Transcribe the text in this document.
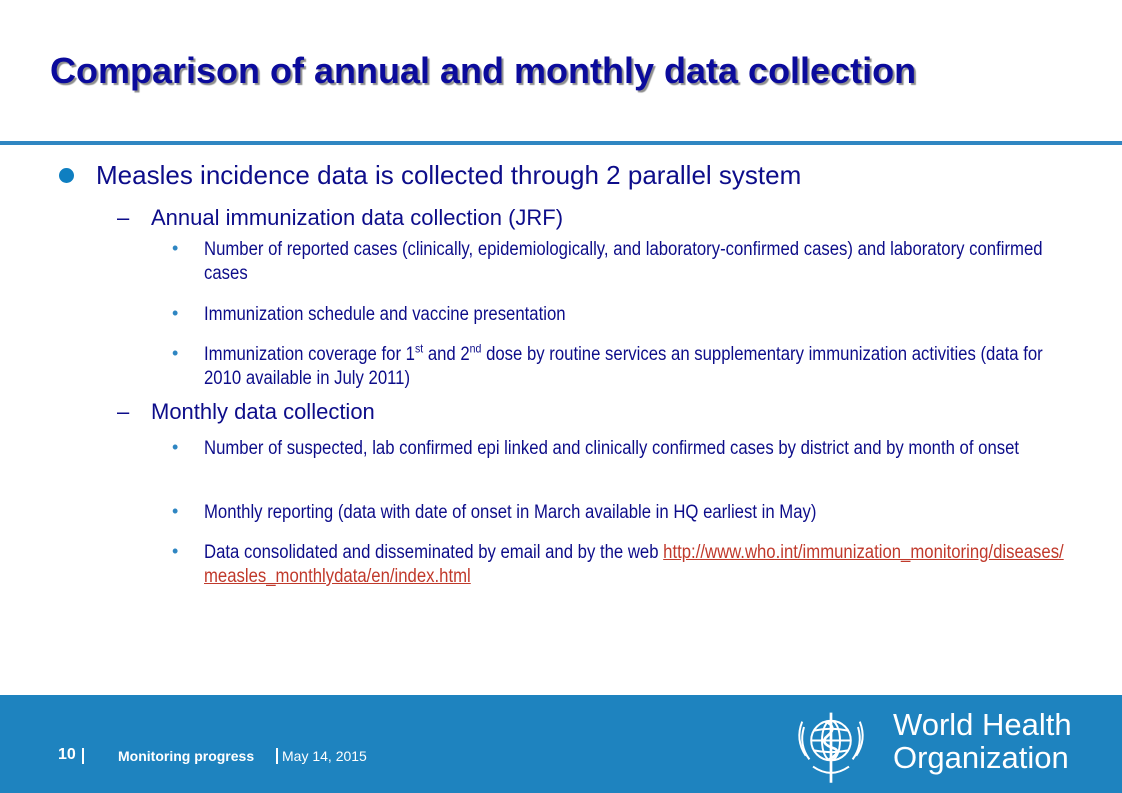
Comparison of annual and monthly data collection
Measles incidence data is collected through 2 parallel system
– Annual immunization data collection (JRF)
• Number of reported cases (clinically, epidemiologically, and laboratory-confirmed cases) and laboratory confirmed cases
• Immunization schedule and vaccine presentation
• Immunization coverage for 1st and 2nd dose by routine services an supplementary immunization activities (data for 2010 available in July 2011)
– Monthly data collection
• Number of suspected, lab confirmed epi linked and clinically confirmed cases by district and by month of onset
• Monthly reporting (data with date of onset in March available in HQ earliest in May)
• Data consolidated and disseminated by email and by the web http://www.who.int/immunization_monitoring/diseases/measles_monthlydata/en/index.html
10	Monitoring progress May 14, 2015
World Health
Organization
